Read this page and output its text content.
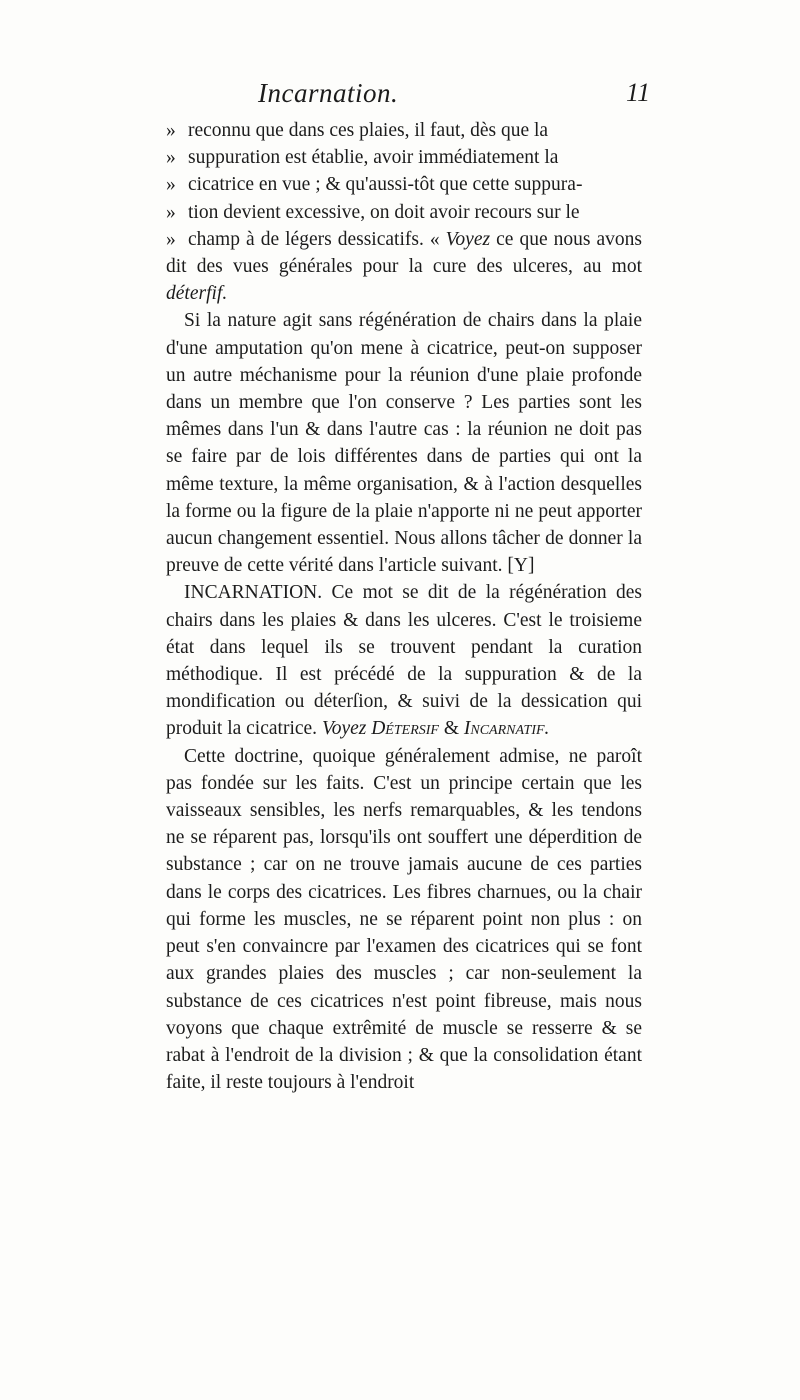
Incarnation.	11

» reconnu que dans ces plaies, il faut, dès que la
» suppuration est établie, avoir immédiatement la
» cicatrice en vue ; & qu'aussi-tôt que cette suppura-
» tion devient excessive, on doit avoir recours sur le
» champ à de légers dessicatifs. « Voyez ce que nous avons dit des vues générales pour la cure des ulceres, au mot déterfif.

Si la nature agit sans régénération de chairs dans la plaie d'une amputation qu'on mene à cicatrice, peut-on supposer un autre méchanisme pour la réunion d'une plaie profonde dans un membre que l'on conserve ? Les parties sont les mêmes dans l'un & dans l'autre cas : la réunion ne doit pas se faire par de lois différentes dans de parties qui ont la même texture, la même organisation, & à l'action desquelles la forme ou la figure de la plaie n'apporte ni ne peut apporter aucun changement essentiel. Nous allons tâcher de donner la preuve de cette vérité dans l'article suivant. [Y]

INCARNATION. Ce mot se dit de la régénération des chairs dans les plaies & dans les ulceres. C'est le troisieme état dans lequel ils se trouvent pendant la curation méthodique. Il est précédé de la suppuration & de la mondification ou déterſion, & suivi de la dessication qui produit la cicatrice. Voyez Détersif & Incarnatif.

Cette doctrine, quoique généralement admise, ne paroît pas fondée sur les faits. C'est un principe certain que les vaisseaux sensibles, les nerfs remarquables, & les tendons ne se réparent pas, lorsqu'ils ont souffert une déperdition de substance ; car on ne trouve jamais aucune de ces parties dans le corps des cicatrices. Les fibres charnues, ou la chair qui forme les muscles, ne se réparent point non plus : on peut s'en convaincre par l'examen des cicatrices qui se font aux grandes plaies des muscles ; car non-seulement la substance de ces cicatrices n'est point fibreuse, mais nous voyons que chaque extrêmité de muscle se resserre & se rabat à l'endroit de la division ; & que la consolidation étant faite, il reste toujours à l'endroit
